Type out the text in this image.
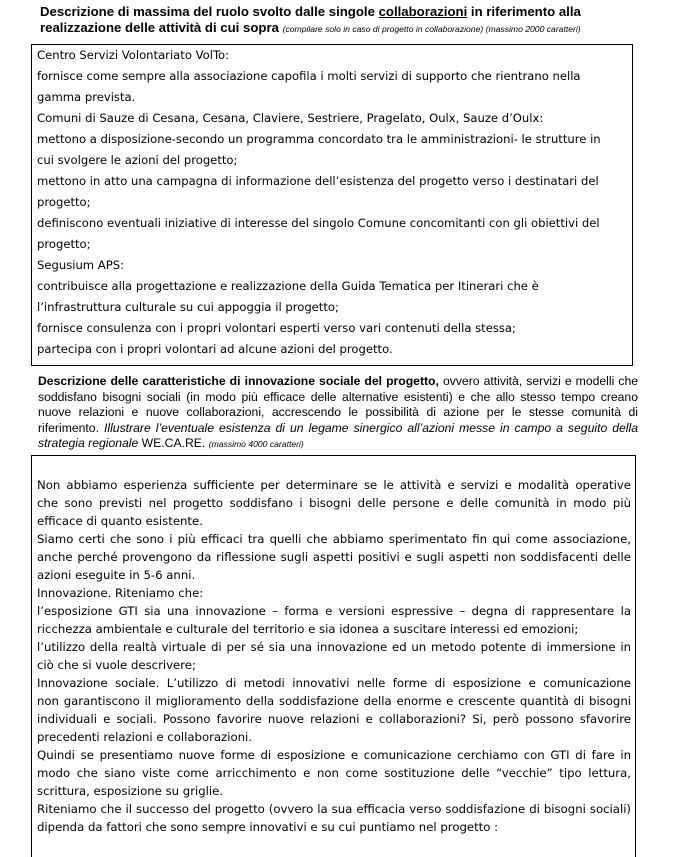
Descrizione di massima del ruolo svolto dalle singole collaborazioni in riferimento alla realizzazione delle attività di cui sopra (compilare solo in caso di progetto in collaborazione) (massimo 2000 caratteri)
Centro Servizi Volontariato VolTo:
fornisce come sempre alla associazione capofila i molti servizi di supporto che rientrano nella
gamma prevista.
Comuni di Sauze di Cesana, Cesana, Claviere, Sestriere, Pragelato, Oulx, Sauze d’Oulx:
mettono a disposizione-secondo un programma concordato tra le amministrazioni- le strutture in
cui svolgere le azioni del progetto;
mettono in atto una campagna di informazione dell’esistenza del progetto verso i destinatari del
progetto;
definiscono eventuali iniziative di interesse del singolo Comune concomitanti con gli obiettivi del
progetto;
Segusium APS:
contribuisce alla progettazione e realizzazione della Guida Tematica per Itinerari che è
l’infrastruttura culturale su cui appoggia il progetto;
fornisce consulenza con i propri volontari esperti verso vari contenuti della stessa;
partecipa con i propri volontari ad alcune azioni del progetto.
Descrizione delle caratteristiche di innovazione sociale del progetto, ovvero attività, servizi e modelli che soddisfano bisogni sociali (in modo più efficace delle alternative esistenti) e che allo stesso tempo creano nuove relazioni e nuove collaborazioni, accrescendo le possibilità di azione per le stesse comunità di riferimento. Illustrare l’eventuale esistenza di un legame sinergico all’azioni messe in campo a seguito della strategia regionale WE.CA.RE. (massimo 4000 caratteri)
Non abbiamo esperienza sufficiente per determinare se le attività e servizi e modalità operative
che sono previsti nel progetto soddisfano i bisogni delle persone e delle comunità in modo più
efficace di quanto esistente.
Siamo certi che sono i più efficaci tra quelli che abbiamo sperimentato fin qui come associazione,
anche perché provengono da riflessione sugli aspetti positivi e sugli aspetti non soddisfacenti delle
azioni eseguite in 5-6 anni.
Innovazione. Riteniamo che:
l’esposizione GTI sia una innovazione – forma e versioni espressive – degna di rappresentare la
ricchezza ambientale e culturale del territorio e sia idonea a suscitare interessi ed emozioni;
l’utilizzo della realtà virtuale di per sé sia una innovazione ed un metodo potente di immersione in
ciò che si vuole descrivere;
Innovazione sociale. L’utilizzo di metodi innovativi nelle forme di esposizione e comunicazione
non garantiscono il miglioramento della soddisfazione della enorme e crescente quantità di bisogni
individuali e sociali. Possono favorire nuove relazioni e collaborazioni? Si, però possono sfavorire
precedenti relazioni e collaborazioni.
Quindi se presentiamo nuove forme di esposizione e comunicazione cerchiamo con GTI di fare in
modo che siano viste come arricchimento e non come sostituzione delle “vecchie” tipo lettura,
scrittura, esposizione su griglie.
Riteniamo che il successo del progetto (ovvero la sua efficacia verso soddisfazione di bisogni sociali)
dipenda da fattori che sono sempre innovativi e su cui puntiamo nel progetto :
